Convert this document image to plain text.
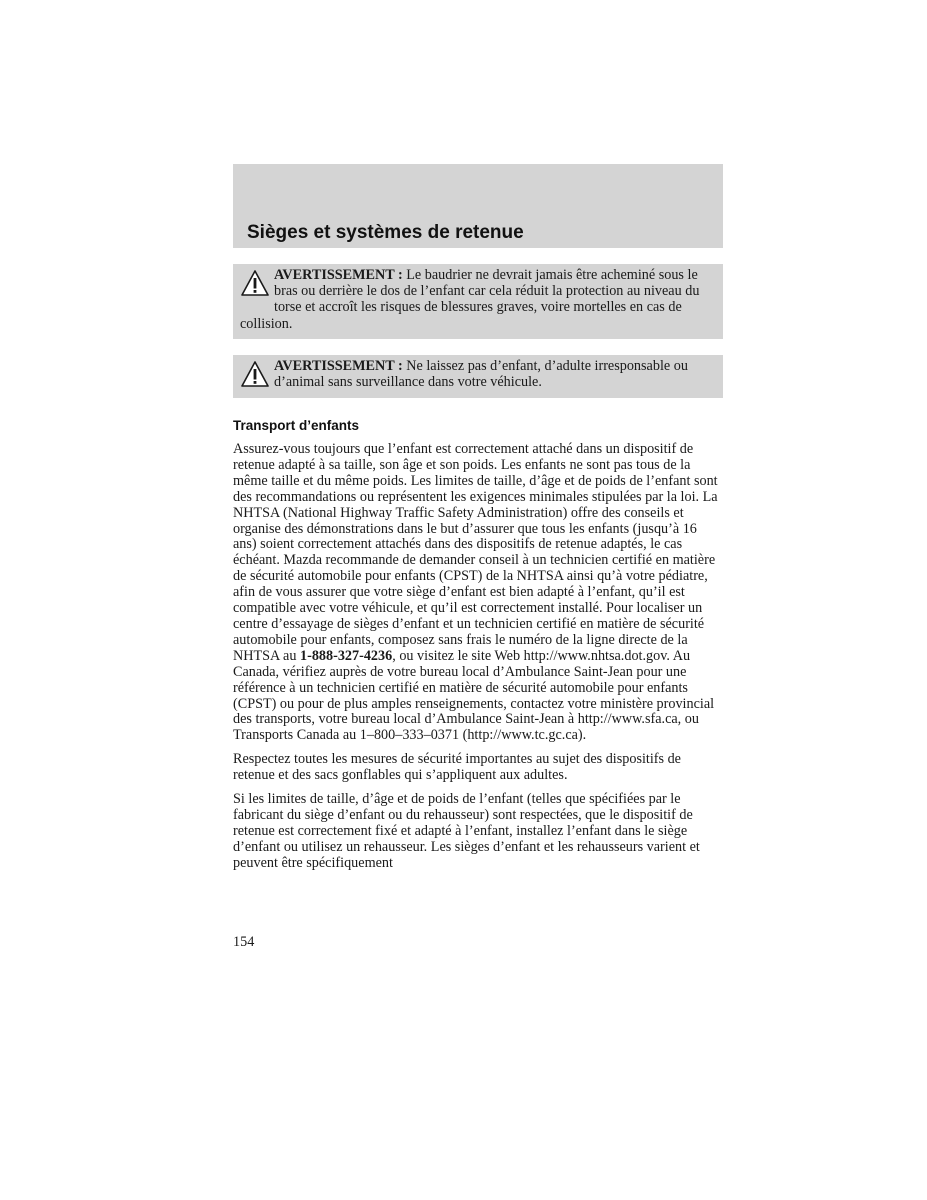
Sièges et systèmes de retenue

AVERTISSEMENT : Le baudrier ne devrait jamais être acheminé sous le bras ou derrière le dos de l’enfant car cela réduit la protection au niveau du torse et accroît les risques de blessures graves, voire mortelles en cas de collision.

AVERTISSEMENT : Ne laissez pas d’enfant, d’adulte irresponsable ou d’animal sans surveillance dans votre véhicule.

Transport d’enfants

Assurez-vous toujours que l’enfant est correctement attaché dans un dispositif de retenue adapté à sa taille, son âge et son poids. Les enfants ne sont pas tous de la même taille et du même poids. Les limites de taille, d’âge et de poids de l’enfant sont des recommandations ou représentent les exigences minimales stipulées par la loi. La NHTSA (National Highway Traffic Safety Administration) offre des conseils et organise des démonstrations dans le but d’assurer que tous les enfants (jusqu’à 16 ans) soient correctement attachés dans des dispositifs de retenue adaptés, le cas échéant. Mazda recommande de demander conseil à un technicien certifié en matière de sécurité automobile pour enfants (CPST) de la NHTSA ainsi qu’à votre pédiatre, afin de vous assurer que votre siège d’enfant est bien adapté à l’enfant, qu’il est compatible avec votre véhicule, et qu’il est correctement installé. Pour localiser un centre d’essayage de sièges d’enfant et un technicien certifié en matière de sécurité automobile pour enfants, composez sans frais le numéro de la ligne directe de la NHTSA au 1-888-327-4236, ou visitez le site Web http://www.nhtsa.dot.gov. Au Canada, vérifiez auprès de votre bureau local d’Ambulance Saint-Jean pour une référence à un technicien certifié en matière de sécurité automobile pour enfants (CPST) ou pour de plus amples renseignements, contactez votre ministère provincial des transports, votre bureau local d’Ambulance Saint-Jean à http://www.sfa.ca, ou Transports Canada au 1–800–333–0371 (http://www.tc.gc.ca).

Respectez toutes les mesures de sécurité importantes au sujet des dispositifs de retenue et des sacs gonflables qui s’appliquent aux adultes.

Si les limites de taille, d’âge et de poids de l’enfant (telles que spécifiées par le fabricant du siège d’enfant ou du rehausseur) sont respectées, que le dispositif de retenue est correctement fixé et adapté à l’enfant, installez l’enfant dans le siège d’enfant ou utilisez un rehausseur. Les sièges d’enfant et les rehausseurs varient et peuvent être spécifiquement

154
